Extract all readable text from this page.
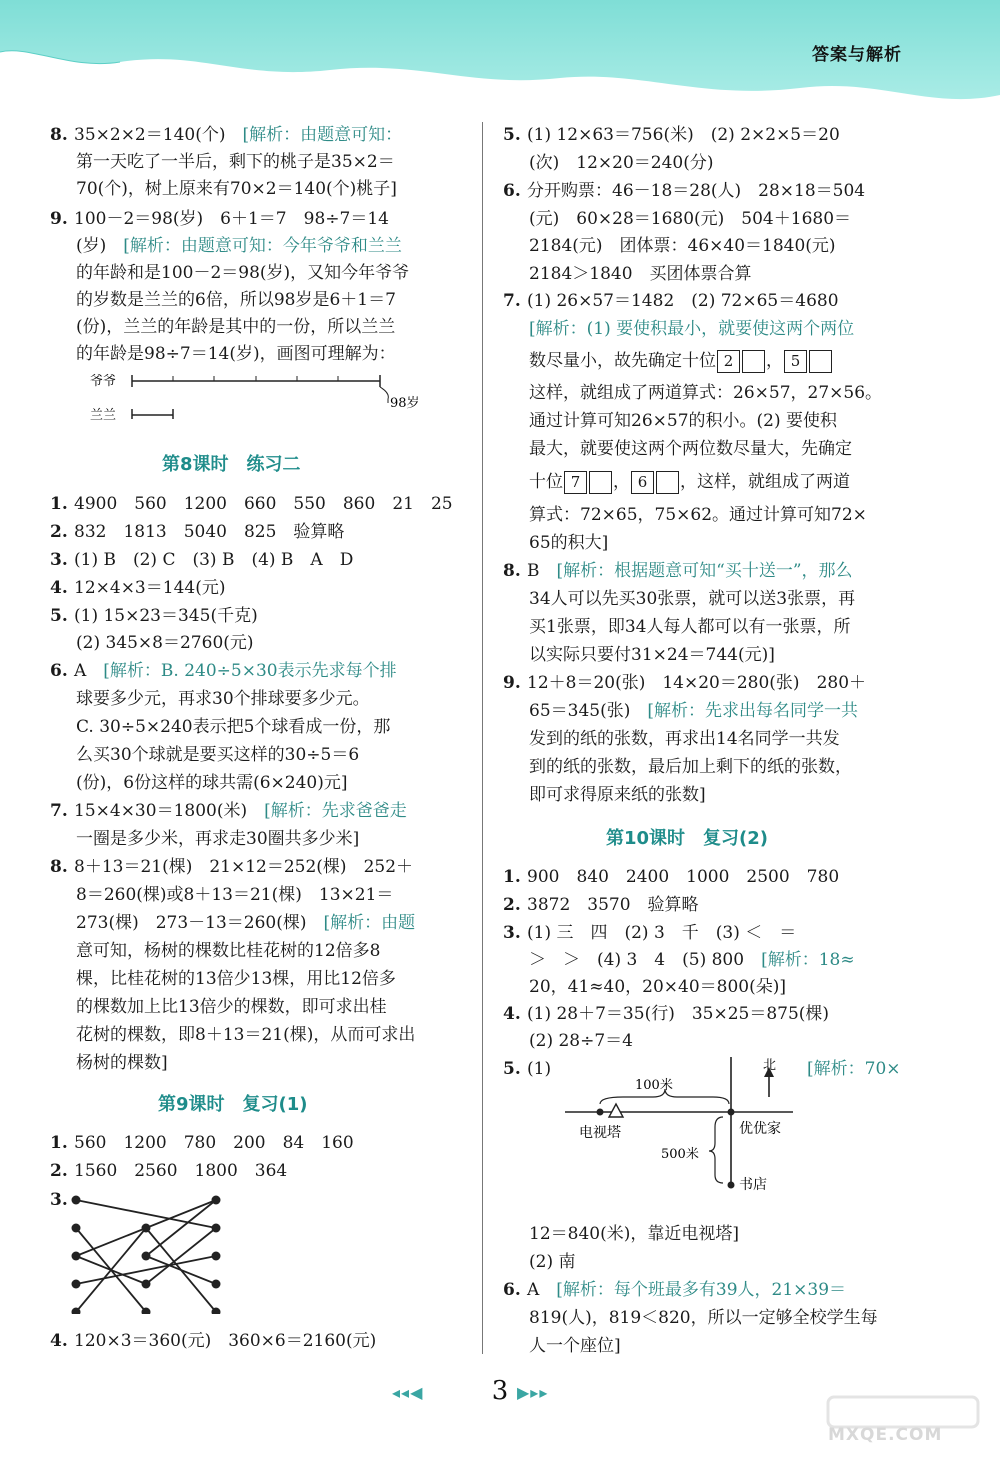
答案与解析
8. 35×2×2＝140(个)　 [解析：由题意可知：
第一天吃了一半后，剩下的桃子是35×2＝
70(个)，树上原来有70×2＝140(个)桃子]
9. 100－2＝98(岁)　 6＋1＝7　 98÷7＝14
(岁)　 [解析：由题意可知：今年爷爷和兰兰
的年龄和是100－2＝98(岁)，又知今年爷爷
的岁数是兰兰的6倍，所以98岁是6＋1＝7
(份)，兰兰的年龄是其中的一份，所以兰兰
的年龄是98÷7＝14(岁)，画图可理解为：
爷爷
兰兰
98岁
第8课时　练习二
1. 4900　560　1200　660　550　860　21　25
2. 832　1813　5040　825　验算略
3. (1) B　(2) C　(3) B　(4) B　A　D
4. 12×4×3＝144(元)
5. (1) 15×23＝345(千克)
(2) 345×8＝2760(元)
6. A　 [解析：B. 240÷5×30表示先求每个排
球要多少元，再求30个排球要多少元。
C. 30÷5×240表示把5个球看成一份，那
么买30个球就是要买这样的30÷5＝6
(份)，6份这样的球共需(6×240)元]
7. 15×4×30＝1800(米)　 [解析：先求爸爸走
一圈是多少米，再求走30圈共多少米]
8. 8＋13＝21(棵)　21×12＝252(棵)　252＋
8＝260(棵)或8＋13＝21(棵)　13×21＝
273(棵)　273－13＝260(棵)　 [解析：由题
意可知，杨树的棵数比桂花树的12倍多8
棵，比桂花树的13倍少13棵，用比12倍多
的棵数加上比13倍少的棵数，即可求出桂
花树的棵数，即8＋13＝21(棵)，从而可求出
杨树的棵数]
第9课时　复习(1)
1. 560　1200　780　200　84　160
2. 1560　2560　1800　364
3.
4. 120×3＝360(元)　360×6＝2160(元)
5. (1) 12×63＝756(米)　(2) 2×2×5＝20
(次)　12×20＝240(分)
6. 分开购票：46－18＝28(人)　28×18＝504
(元)　60×28＝1680(元)　504＋1680＝
2184(元)　团体票：46×40＝1840(元)
2184＞1840　买团体票合算
7. (1) 26×57＝1482　(2) 72×65＝4680
[解析：(1) 要使积最小，就要使这两个两位
数尽量小，故先确定十位 2 ， 5
这样，就组成了两道算式：26×57，27×56。
通过计算可知26×57的积小。(2) 要使积
最大，就要使这两个两位数尽量大，先确定
十位 7 ， 6 ，这样，就组成了两道
算式：72×65，75×62。通过计算可知72×
65的积大]
8. B　 [解析：根据题意可知“买十送一”，那么
34人可以先买30张票，就可以送3张票，再
买1张票，即34人每人都可以有一张票，所
以实际只要付31×24＝744(元)]
9. 12＋8＝20(张)　14×20＝280(张)　280＋
65＝345(张)　 [解析：先求出每名同学一共
发到的纸的张数，再求出14名同学一共发
到的纸的张数，最后加上剩下的纸的张数，
即可求得原来纸的张数]
第10课时　复习(2)
1. 900　840　2400　1000　2500　780
2. 3872　3570　验算略
3. (1) 三　四　(2) 3　千　(3) ＜　＝
＞　＞　(4) 3　4　(5) 800　 [解析：18≈
20，41≈40，20×40＝800(朵)]
4. (1) 28＋7＝35(行)　35×25＝875(棵)
(2) 28÷7＝4
5. (1)	[解析：70×
北
100米
电视塔	优优家
500米
书店
12＝840(米)，靠近电视塔]
(2) 南
6. A　 [解析：每个班最多有39人，21×39＝
819(人)，819＜820，所以一定够全校学生每
人一个座位]
◂◂◀	3 ▶▸▸
MXQE.COM
